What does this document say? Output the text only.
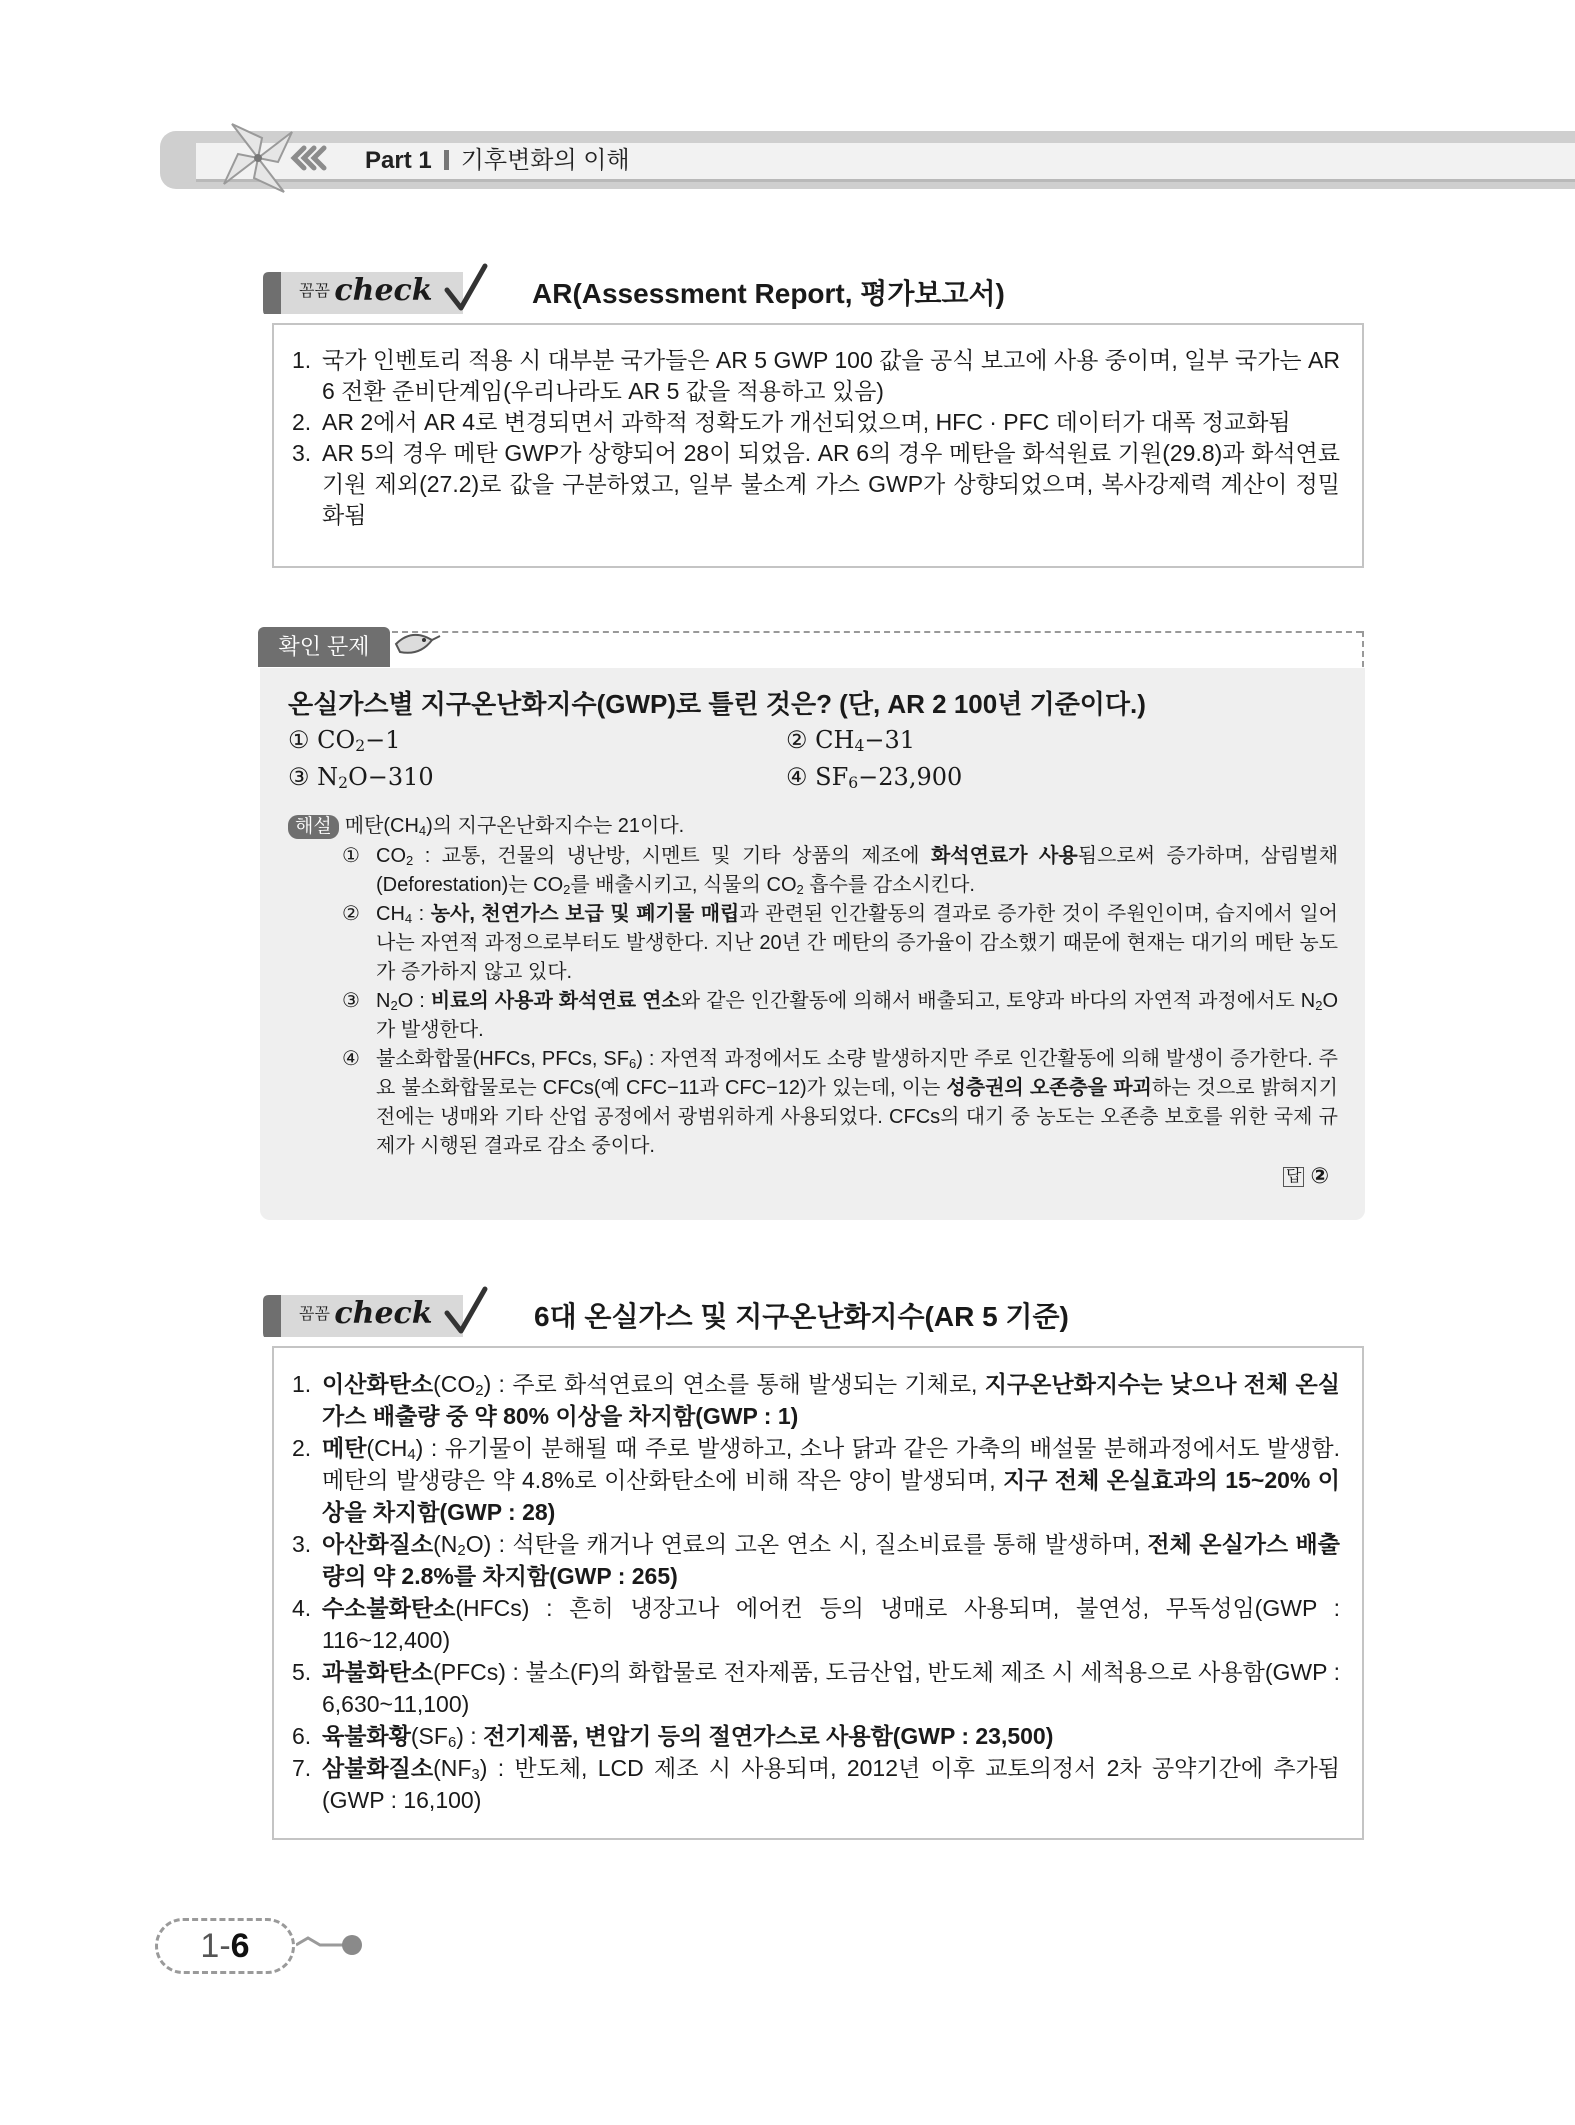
Part 1 기후변화의 이해
꼼꼼 check	AR(Assessment Report, 평가보고서)
1. 국가 인벤토리 적용 시 대부분 국가들은 AR 5 GWP 100 값을 공식 보고에 사용 중이며, 일부 국가는 AR 6 전환 준비단계임(우리나라도 AR 5 값을 적용하고 있음)
2. AR 2에서 AR 4로 변경되면서 과학적 정확도가 개선되었으며, HFC · PFC 데이터가 대폭 정교화됨
3. AR 5의 경우 메탄 GWP가 상향되어 28이 되었음. AR 6의 경우 메탄을 화석원료 기원(29.8)과 화석연료 기원 제외(27.2)로 값을 구분하였고, 일부 불소계 가스 GWP가 상향되었으며, 복사강제력 계산이 정밀화됨
확인 문제
온실가스별 지구온난화지수(GWP)로 틀린 것은? (단, AR 2 100년 기준이다.)
① $CO_2-1$	② $CH_4-31$
③ $N_2O-310$	④ $SF_6-23,900$
해설 메탄$(CH_4)$의 지구온난화지수는 21이다.
① $CO_2$ : 교통, 건물의 냉난방, 시멘트 및 기타 상품의 제조에 화석연료가 사용됨으로써 증가하며, 삼림벌채(Deforestation)는 $CO_2$를 배출시키고, 식물의 $CO_2$ 흡수를 감소시킨다.
② $CH_4$ : 농사, 천연가스 보급 및 폐기물 매립과 관련된 인간활동의 결과로 증가한 것이 주원인이며, 습지에서 일어나는 자연적 과정으로부터도 발생한다. 지난 20년 간 메탄의 증가율이 감소했기 때문에 현재는 대기의 메탄 농도가 증가하지 않고 있다.
③ $N_2O$ : 비료의 사용과 화석연료 연소와 같은 인간활동에 의해서 배출되고, 토양과 바다의 자연적 과정에서도 $N_2O$가 발생한다.
④ 불소화합물(HFCs, PFCs, $SF_6$) : 자연적 과정에서도 소량 발생하지만 주로 인간활동에 의해 발생이 증가한다. 주요 불소화합물로는 CFCs(예 CFC−11과 CFC−12)가 있는데, 이는 성층권의 오존층을 파괴하는 것으로 밝혀지기 전에는 냉매와 기타 산업 공정에서 광범위하게 사용되었다. CFCs의 대기 중 농도는 오존층 보호를 위한 국제 규제가 시행된 결과로 감소 중이다.
답 ②
꼼꼼 check	6대 온실가스 및 지구온난화지수(AR 5 기준)
1. 이산화탄소$(CO_2)$ : 주로 화석연료의 연소를 통해 발생되는 기체로, 지구온난화지수는 낮으나 전체 온실가스 배출량 중 약 80% 이상을 차지함(GWP : 1)
2. 메탄$(CH_4)$ : 유기물이 분해될 때 주로 발생하고, 소나 닭과 같은 가축의 배설물 분해과정에서도 발생함. 메탄의 발생량은 약 4.8%로 이산화탄소에 비해 작은 양이 발생되며, 지구 전체 온실효과의 15~20% 이상을 차지함(GWP : 28)
3. 아산화질소$(N_2O)$ : 석탄을 캐거나 연료의 고온 연소 시, 질소비료를 통해 발생하며, 전체 온실가스 배출량의 약 2.8%를 차지함(GWP : 265)
4. 수소불화탄소(HFCs) : 흔히 냉장고나 에어컨 등의 냉매로 사용되며, 불연성, 무독성임(GWP : 116~12,400)
5. 과불화탄소(PFCs) : 불소(F)의 화합물로 전자제품, 도금산업, 반도체 제조 시 세척용으로 사용함(GWP : 6,630~11,100)
6. 육불화황$(SF_6)$ : 전기제품, 변압기 등의 절연가스로 사용함(GWP : 23,500)
7. 삼불화질소$(NF_3)$ : 반도체, LCD 제조 시 사용되며, 2012년 이후 교토의정서 2차 공약기간에 추가됨(GWP : 16,100)
1-6
